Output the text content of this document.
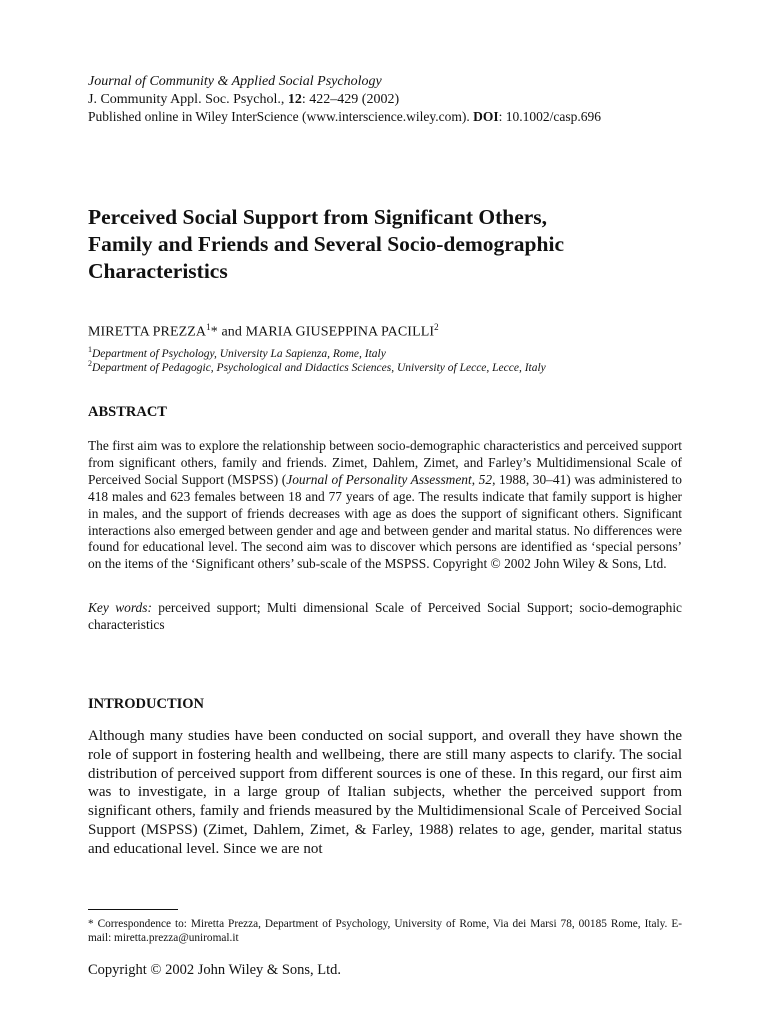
Journal of Community & Applied Social Psychology
J. Community Appl. Soc. Psychol., 12: 422–429 (2002)
Published online in Wiley InterScience (www.interscience.wiley.com). DOI: 10.1002/casp.696
Perceived Social Support from Significant Others,
Family and Friends and Several Socio-demographic
Characteristics
MIRETTA PREZZA$^1$* and MARIA GIUSEPPINA PACILLI$^2$
$^1$Department of Psychology, University La Sapienza, Rome, Italy
$^2$Department of Pedagogic, Psychological and Didactics Sciences, University of Lecce, Lecce, Italy
ABSTRACT
The first aim was to explore the relationship between socio-demographic characteristics and perceived support from significant others, family and friends. Zimet, Dahlem, Zimet, and Farley’s Multidimensional Scale of Perceived Social Support (MSPSS) (Journal of Personality Assessment, 52, 1988, 30–41) was administered to 418 males and 623 females between 18 and 77 years of age. The results indicate that family support is higher in males, and the support of friends decreases with age as does the support of significant others. Significant interactions also emerged between gender and age and between gender and marital status. No differences were found for educational level. The second aim was to discover which persons are identified as ‘special persons’ on the items of the ‘Significant others’ sub-scale of the MSPSS. Copyright © 2002 John Wiley & Sons, Ltd.
Key words: perceived support; Multi dimensional Scale of Perceived Social Support; socio-demographic characteristics
INTRODUCTION
Although many studies have been conducted on social support, and overall they have shown the role of support in fostering health and wellbeing, there are still many aspects to clarify. The social distribution of perceived support from different sources is one of these. In this regard, our first aim was to investigate, in a large group of Italian subjects, whether the perceived support from significant others, family and friends measured by the Multidimensional Scale of Perceived Social Support (MSPSS) (Zimet, Dahlem, Zimet, & Farley, 1988) relates to age, gender, marital status and educational level. Since we are not
* Correspondence to: Miretta Prezza, Department of Psychology, University of Rome, Via dei Marsi 78, 00185 Rome, Italy. E-mail: miretta.prezza@uniromal.it
Copyright © 2002 John Wiley & Sons, Ltd.
